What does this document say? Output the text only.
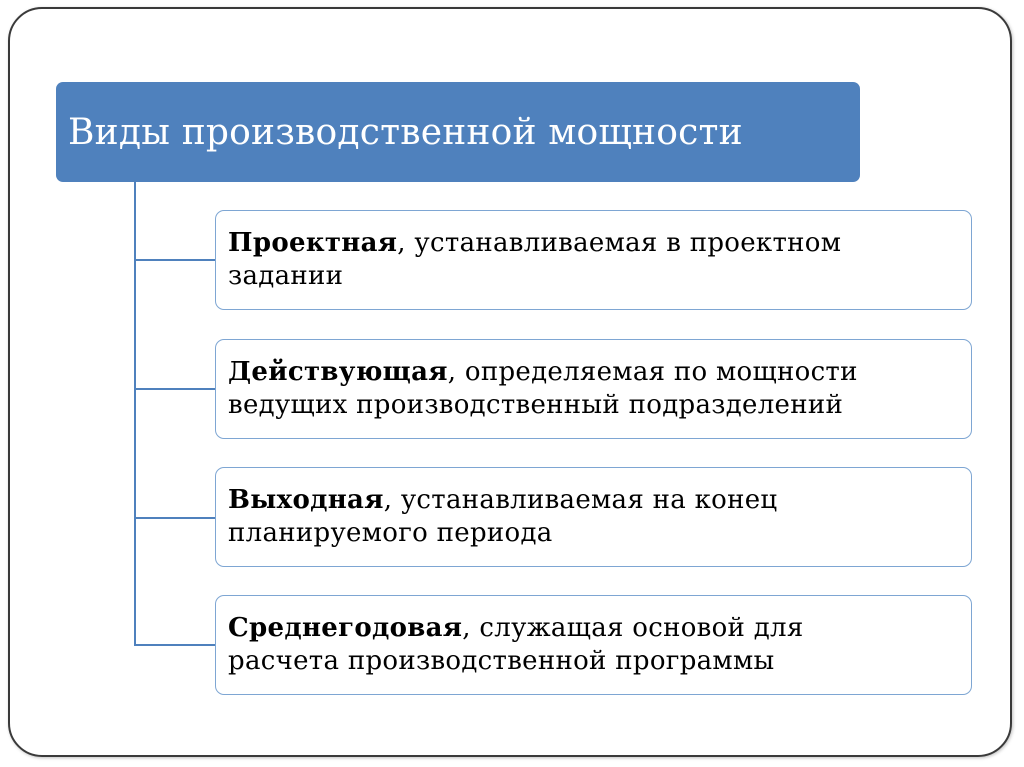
Виды производственной мощности
Проектная, устанавливаемая в проектном
задании
Действующая, определяемая по мощности
ведущих производственный подразделений
Выходная, устанавливаемая на конец
планируемого периода
Среднегодовая, служащая основой для
расчета производственной программы
